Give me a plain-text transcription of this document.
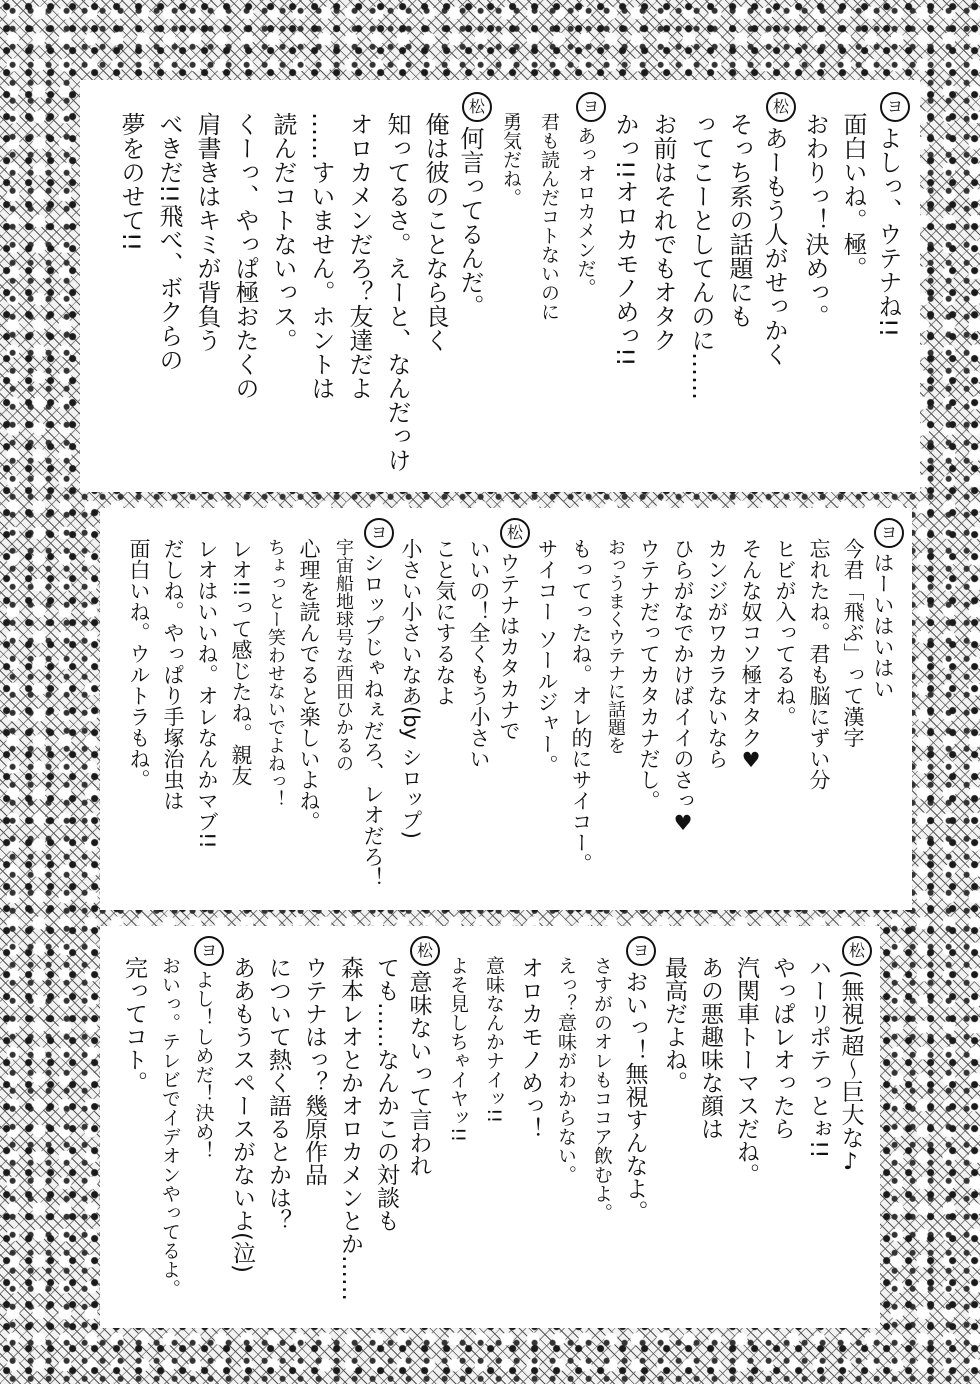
ヨよしっ、ウテナね!!
面白いね。極。
おわりっ！決めっ。
松あーもう人がせっかく
そっち系の話題にも
ってこーとしてんのに……
お前はそれでもオタク
かっ!!オロカモノめっ!!
ヨあっオロカメンだ。
君も読んだコトないのに
勇気だね。
松何言ってるんだ。
俺は彼のことなら良く
知ってるさ。えーと、なんだっけ
オロカメンだろ？友達だよ
……すいません。ホントは
読んだコトないっス。
くーっ、やっぱ極おたくの
肩書きはキミが背負う
べきだ!!飛べ、ボクらの
夢をのせて!!
ヨはーいはいはい
今君「飛ぶ」って漢字
忘れたね。君も脳にずい分
ヒビが入ってるね。
そんな奴コソ極オタク♥
カンジがワカラないなら
ひらがなでかけばイイのさっ♥
ウテナだってカタカナだし。
おっうまくウテナに話題を
もってったね。オレ的にサイコー。
サイコー ソールジャー。
松ウテナはカタカナで
いいの！全くもう小さい
こと気にするなよ
小さい小さいなあ(by シロップ)
ヨシロップじゃねぇだろ、レオだろ！
宇宙船地球号な西田ひかるの
心理を読んでると楽しいよね。
ちょっとー笑わせないでよねっ！
レオ!!って感じたね。親友
レオはいいね。オレなんかマブ!!
だしね。やっぱり手塚治虫は
面白いね。ウルトラもね。
松(無視)超～巨大な♪
ハーリポテっとぉ!!
やっぱレオったら
汽関車トーマスだね。
あの悪趣味な顔は
最高だよね。
ヨおいっ！無視すんなよ。
さすがのオレもココア飲むよ。
えっ？意味がわからない。
オロカモノめっ！
意味なんかナイッ!!
よそ見しちゃイヤッ!!
松意味ないって言われ
ても……なんかこの対談も
森本レオとかオロカメンとか……
ウテナはっ？幾原作品
について熱く語るとかは？
ああもうスペースがないよ(泣)
ヨよし！しめだ！決め！
おいっ。テレビでイデオンやってるよ。
完ってコト。
